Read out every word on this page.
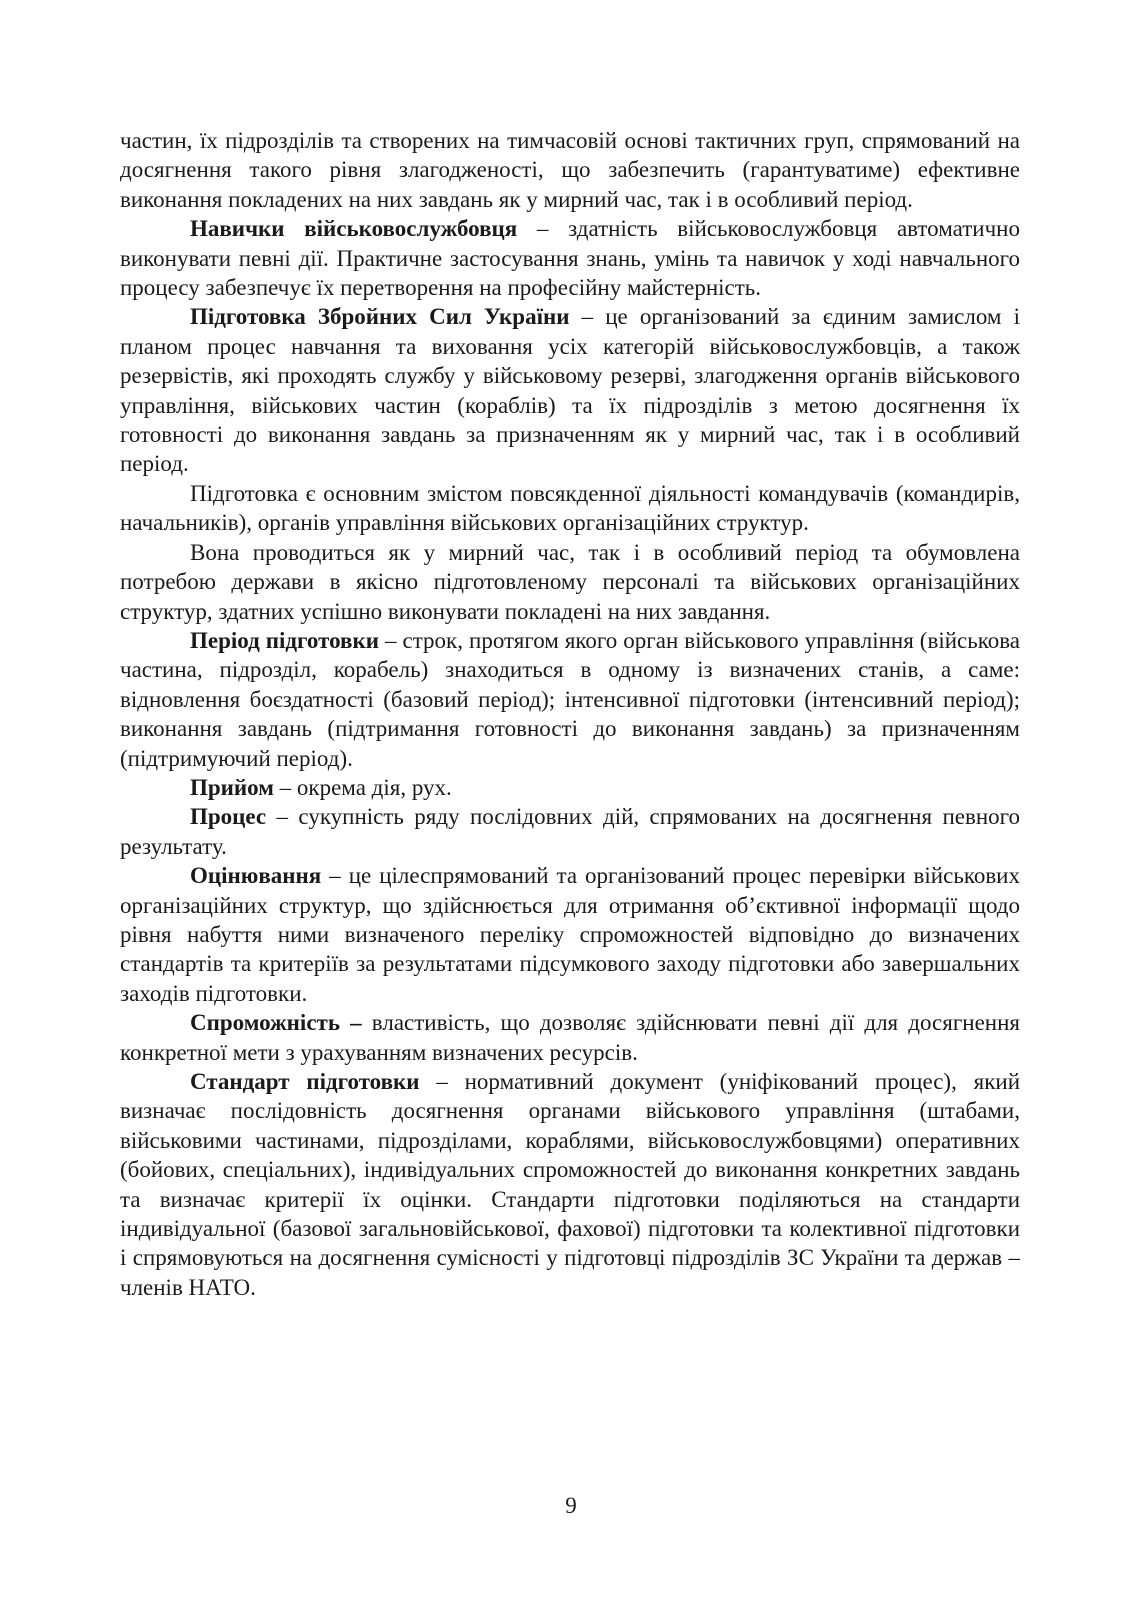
частин, їх підрозділів та створених на тимчасовій основі тактичних груп, спрямований на досягнення такого рівня злагодженості, що забезпечить (гарантуватиме) ефективне виконання покладених на них завдань як у мирний час, так і в особливий період.

Навички військовослужбовця – здатність військовослужбовця автоматично виконувати певні дії. Практичне застосування знань, умінь та навичок у ході навчального процесу забезпечує їх перетворення на професійну майстерність.

Підготовка Збройних Сил України – це організований за єдиним замислом і планом процес навчання та виховання усіх категорій військовослужбовців, а також резервістів, які проходять службу у військовому резерві, злагодження органів військового управління, військових частин (кораблів) та їх підрозділів з метою досягнення їх готовності до виконання завдань за призначенням як у мирний час, так і в особливий період.

Підготовка є основним змістом повсякденної діяльності командувачів (командирів, начальників), органів управління військових організаційних структур.

Вона проводиться як у мирний час, так і в особливий період та обумовлена потребою держави в якісно підготовленому персоналі та військових організаційних структур, здатних успішно виконувати покладені на них завдання.

Період підготовки – строк, протягом якого орган військового управління (військова частина, підрозділ, корабель) знаходиться в одному із визначених станів, а саме: відновлення боєздатності (базовий період); інтенсивної підготовки (інтенсивний період); виконання завдань (підтримання готовності до виконання завдань) за призначенням (підтримуючий період).

Прийом – окрема дія, рух.

Процес – сукупність ряду послідовних дій, спрямованих на досягнення певного результату.

Оцінювання – це цілеспрямований та організований процес перевірки військових організаційних структур, що здійснюється для отримання об’єктивної інформації щодо рівня набуття ними визначеного переліку спроможностей відповідно до визначених стандартів та критеріїв за результатами підсумкового заходу підготовки або завершальних заходів підготовки.

Спроможність – властивість, що дозволяє здійснювати певні дії для досягнення конкретної мети з урахуванням визначених ресурсів.

Стандарт підготовки – нормативний документ (уніфікований процес), який визначає послідовність досягнення органами військового управління (штабами, військовими частинами, підрозділами, кораблями, військовослужбовцями) оперативних (бойових, спеціальних), індивідуальних спроможностей до виконання конкретних завдань та визначає критерії їх оцінки. Стандарти підготовки поділяються на стандарти індивідуальної (базової загальновійськової, фахової) підготовки та колективної підготовки і спрямовуються на досягнення сумісності у підготовці підрозділів ЗС України та держав – членів НАТО.

9
